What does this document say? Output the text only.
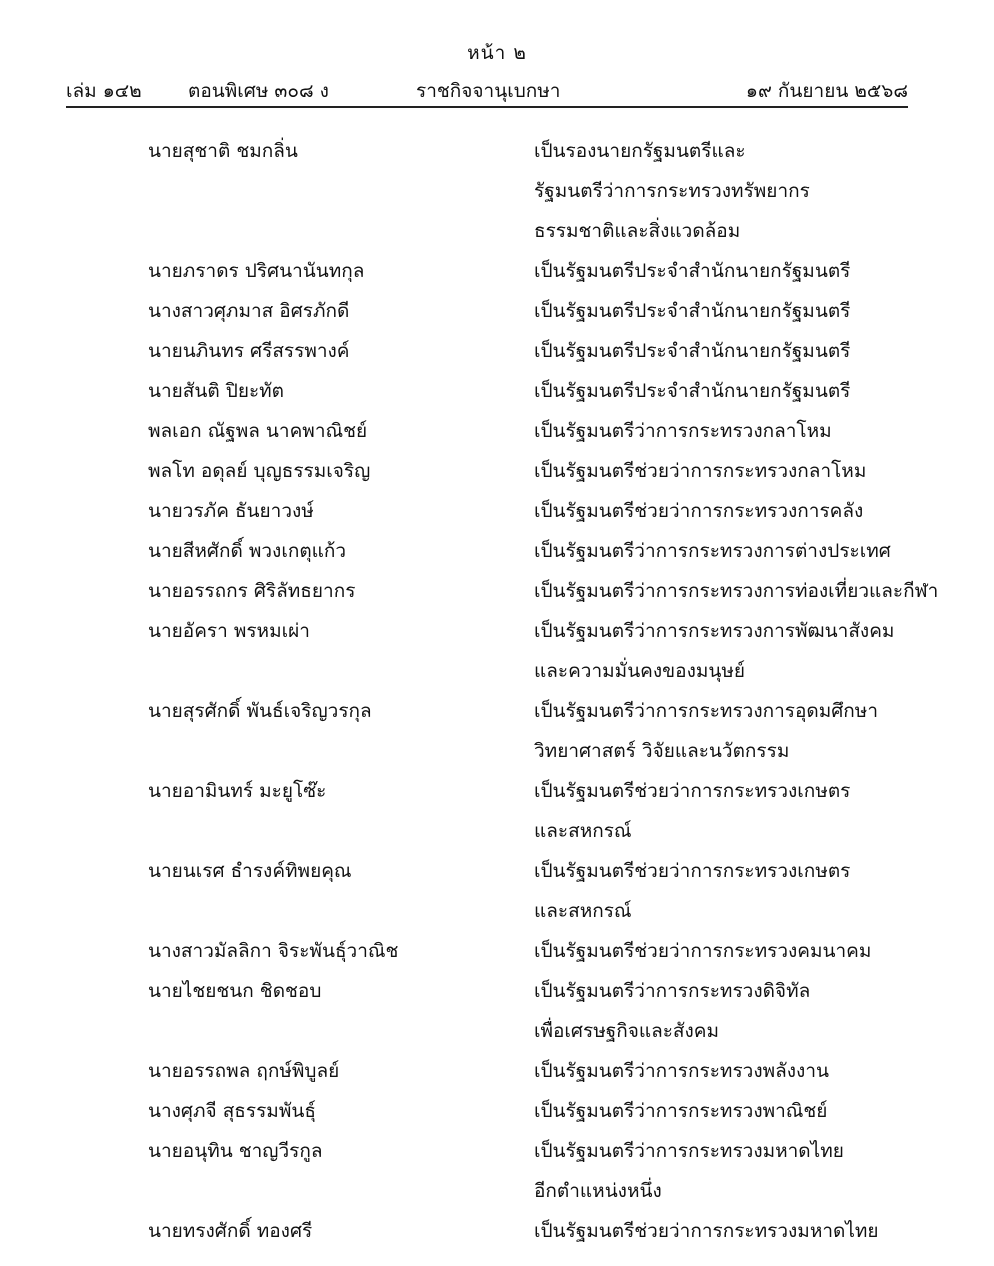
หน้า ๒
เล่ม ๑๔๒ ตอนพิเศษ ๓๐๘ ง	ราชกิจจานุเบกษา	๑๙ กันยายน ๒๕๖๘
นายสุชาติ ชมกลิ่น	เป็นรองนายกรัฐมนตรีและ
รัฐมนตรีว่าการกระทรวงทรัพยากร
ธรรมชาติและสิ่งแวดล้อม
นายภราดร ปริศนานันทกุล	เป็นรัฐมนตรีประจำสำนักนายกรัฐมนตรี
นางสาวศุภมาส อิศรภักดี	เป็นรัฐมนตรีประจำสำนักนายกรัฐมนตรี
นายนภินทร ศรีสรรพางค์	เป็นรัฐมนตรีประจำสำนักนายกรัฐมนตรี
นายสันติ ปิยะทัต	เป็นรัฐมนตรีประจำสำนักนายกรัฐมนตรี
พลเอก ณัฐพล นาคพาณิชย์	เป็นรัฐมนตรีว่าการกระทรวงกลาโหม
พลโท อดุลย์ บุญธรรมเจริญ	เป็นรัฐมนตรีช่วยว่าการกระทรวงกลาโหม
นายวรภัค ธันยาวงษ์	เป็นรัฐมนตรีช่วยว่าการกระทรวงการคลัง
นายสีหศักดิ์ พวงเกตุแก้ว	เป็นรัฐมนตรีว่าการกระทรวงการต่างประเทศ
นายอรรถกร ศิริลัทธยากร	เป็นรัฐมนตรีว่าการกระทรวงการท่องเที่ยวและกีฬา
นายอัครา พรหมเผ่า	เป็นรัฐมนตรีว่าการกระทรวงการพัฒนาสังคม
และความมั่นคงของมนุษย์
นายสุรศักดิ์ พันธ์เจริญวรกุล	เป็นรัฐมนตรีว่าการกระทรวงการอุดมศึกษา
วิทยาศาสตร์ วิจัยและนวัตกรรม
นายอามินทร์ มะยูโซ๊ะ	เป็นรัฐมนตรีช่วยว่าการกระทรวงเกษตร
และสหกรณ์
นายนเรศ ธำรงค์ทิพยคุณ	เป็นรัฐมนตรีช่วยว่าการกระทรวงเกษตร
และสหกรณ์
นางสาวมัลลิกา จิระพันธุ์วาณิช	เป็นรัฐมนตรีช่วยว่าการกระทรวงคมนาคม
นายไชยชนก ชิดชอบ	เป็นรัฐมนตรีว่าการกระทรวงดิจิทัล
เพื่อเศรษฐกิจและสังคม
นายอรรถพล ฤกษ์พิบูลย์	เป็นรัฐมนตรีว่าการกระทรวงพลังงาน
นางศุภจี สุธรรมพันธุ์	เป็นรัฐมนตรีว่าการกระทรวงพาณิชย์
นายอนุทิน ชาญวีรกูล	เป็นรัฐมนตรีว่าการกระทรวงมหาดไทย
อีกตำแหน่งหนึ่ง
นายทรงศักดิ์ ทองศรี	เป็นรัฐมนตรีช่วยว่าการกระทรวงมหาดไทย
